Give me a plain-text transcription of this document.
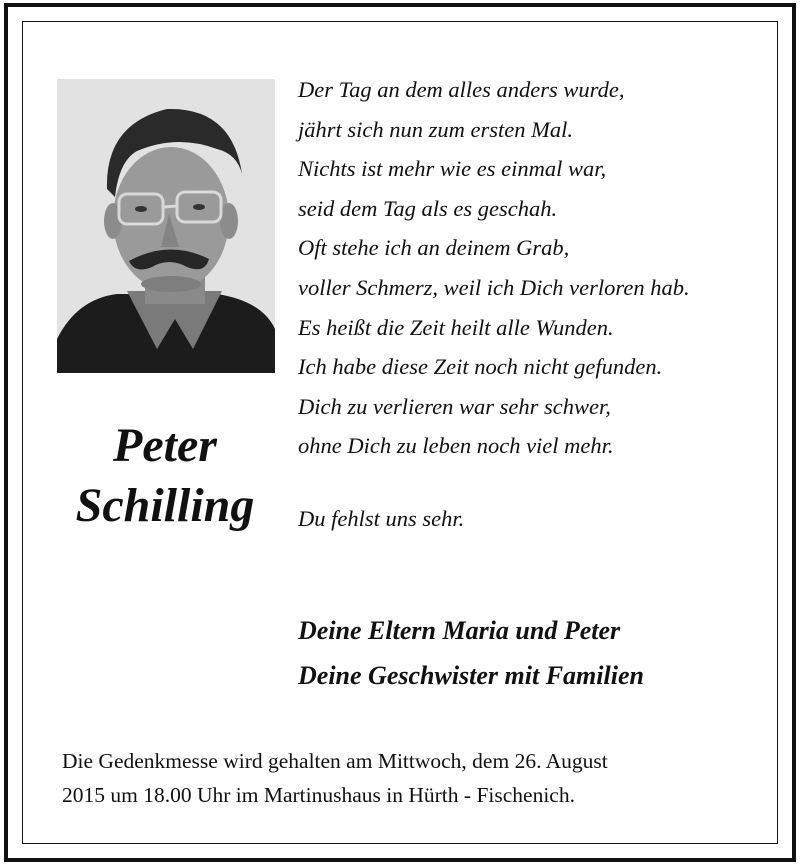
Peter
Schilling
Der Tag an dem alles anders wurde,
jährt sich nun zum ersten Mal.
Nichts ist mehr wie es einmal war,
seid dem Tag als es geschah.
Oft stehe ich an deinem Grab,
voller Schmerz, weil ich Dich verloren hab.
Es heißt die Zeit heilt alle Wunden.
Ich habe diese Zeit noch nicht gefunden.
Dich zu verlieren war sehr schwer,
ohne Dich zu leben noch viel mehr.
Du fehlst uns sehr.
Deine Eltern Maria und Peter
Deine Geschwister mit Familien
Die Gedenkmesse wird gehalten am Mittwoch, dem 26. August
2015 um 18.00 Uhr im Martinushaus in Hürth - Fischenich.
